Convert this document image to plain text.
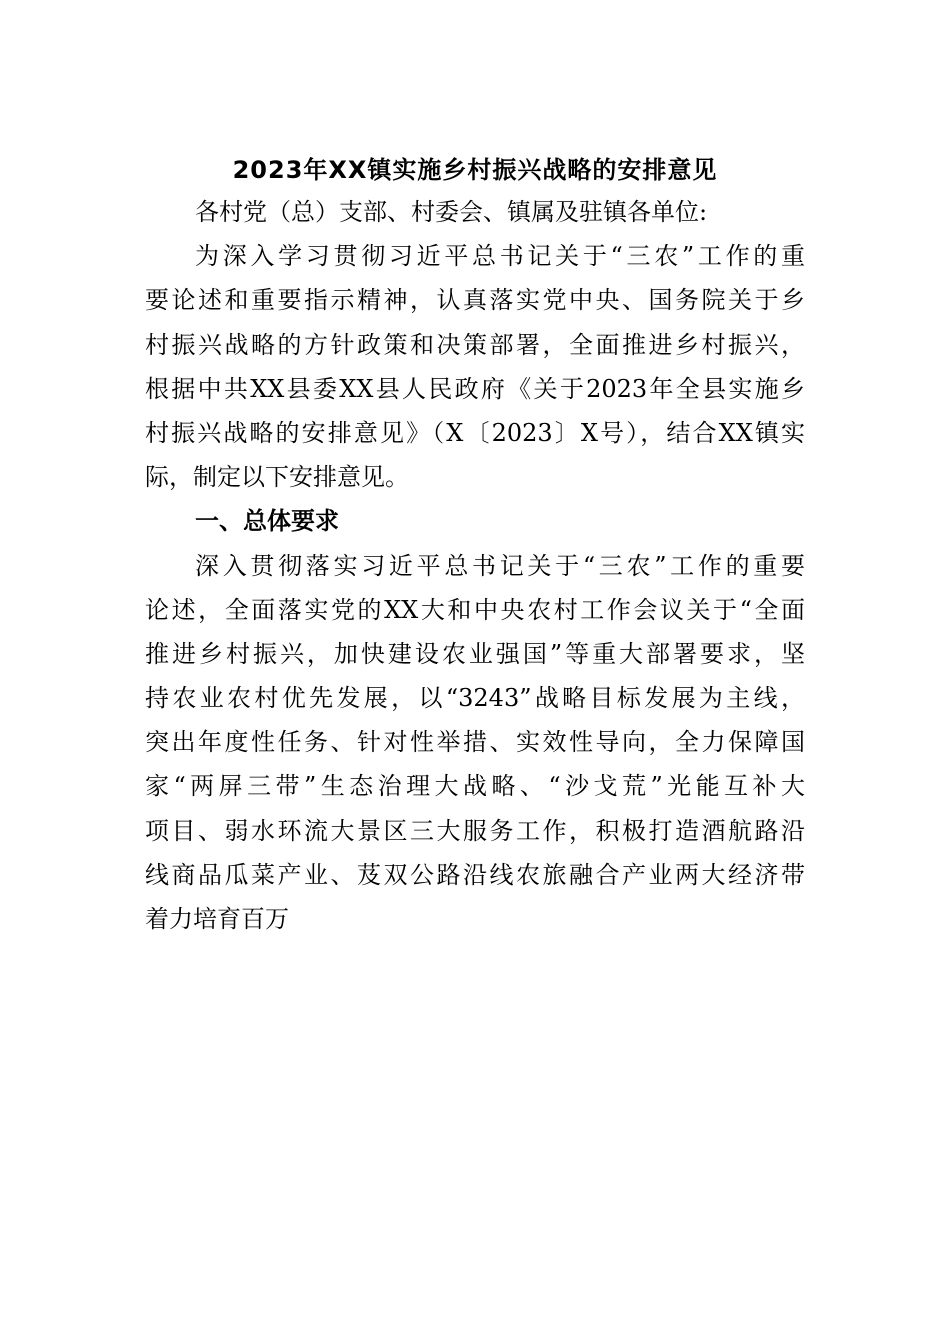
2023年XX镇实施乡村振兴战略的安排意见
各村党（总）支部、村委会、镇属及驻镇各单位:
为深入学习贯彻习近平总书记关于“三农”工作的重
要论述和重要指示精神，认真落实党中央、国务院关于乡
村振兴战略的方针政策和决策部署，全面推进乡村振兴，
根据中共XX县委XX县人民政府《关于2023年全县实施乡
村振兴战略的安排意见》（X〔2023〕X号），结合XX镇实
际，制定以下安排意见。
一、总体要求
深入贯彻落实习近平总书记关于“三农”工作的重要
论述，全面落实党的XX大和中央农村工作会议关于“全面
推进乡村振兴，加快建设农业强国”等重大部署要求，坚
持农业农村优先发展，以“3243”战略目标发展为主线，
突出年度性任务、针对性举措、实效性导向，全力保障国
家“两屏三带”生态治理大战略、“沙戈荒”光能互补大
项目、弱水环流大景区三大服务工作，积极打造酒航路沿
线商品瓜菜产业、芨双公路沿线农旅融合产业两大经济带
着力培育百万
